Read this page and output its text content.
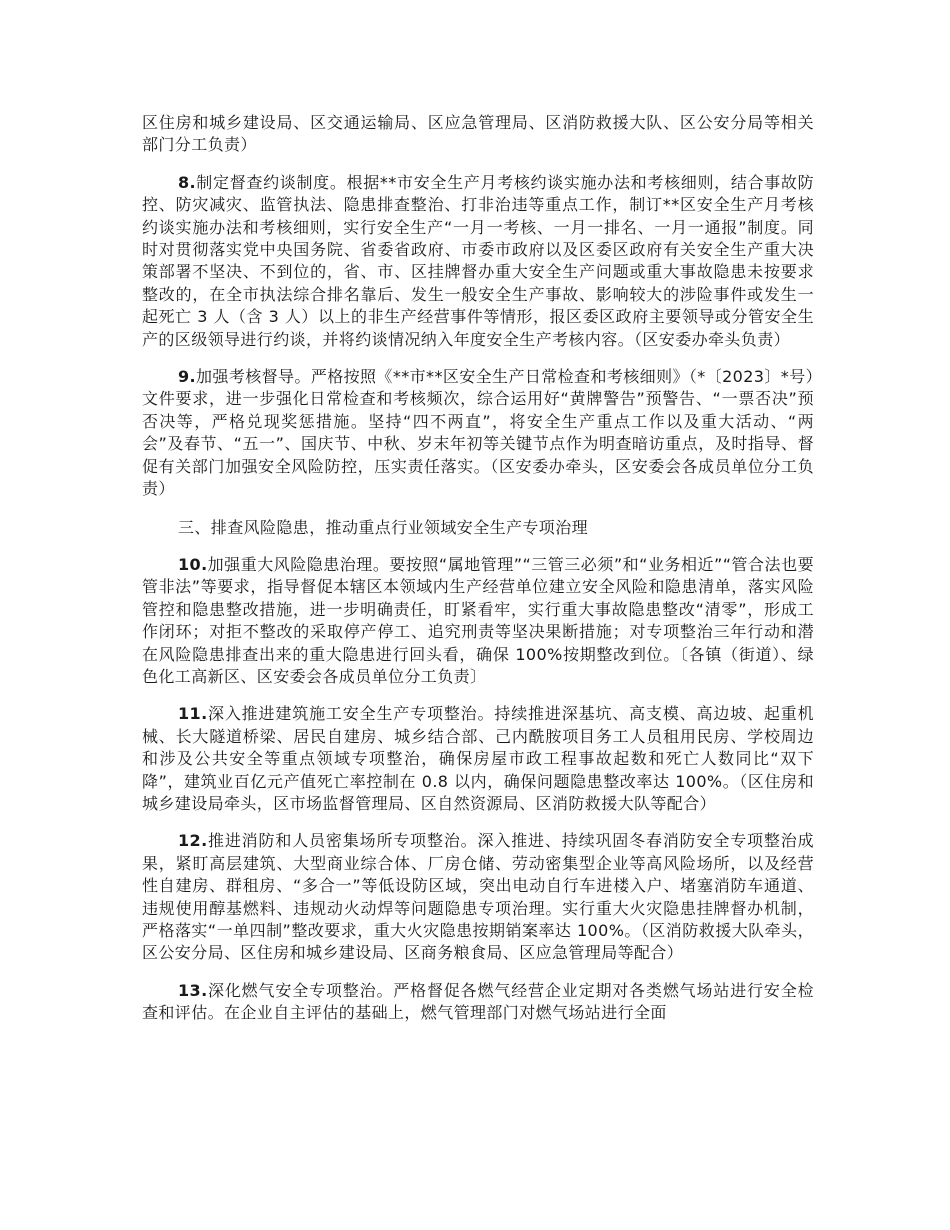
区住房和城乡建设局、区交通运输局、区应急管理局、区消防救援大队、区公安分局等相关部门分工负责）

8.制定督查约谈制度。根据**市安全生产月考核约谈实施办法和考核细则，结合事故防控、防灾减灾、监管执法、隐患排查整治、打非治违等重点工作，制订**区安全生产月考核约谈实施办法和考核细则，实行安全生产“一月一考核、一月一排名、一月一通报”制度。同时对贯彻落实党中央国务院、省委省政府、市委市政府以及区委区政府有关安全生产重大决策部署不坚决、不到位的，省、市、区挂牌督办重大安全生产问题或重大事故隐患未按要求整改的，在全市执法综合排名靠后、发生一般安全生产事故、影响较大的涉险事件或发生一起死亡 3 人（含 3 人）以上的非生产经营事件等情形，报区委区政府主要领导或分管安全生产的区级领导进行约谈，并将约谈情况纳入年度安全生产考核内容。（区安委办牵头负责）

9.加强考核督导。严格按照《**市**区安全生产日常检查和考核细则》（*〔2023〕*号）文件要求，进一步强化日常检查和考核频次，综合运用好“黄牌警告”预警告、“一票否决”预否决等，严格兑现奖惩措施。坚持“四不两直”，将安全生产重点工作以及重大活动、“两会”及春节、“五一”、国庆节、中秋、岁末年初等关键节点作为明查暗访重点，及时指导、督促有关部门加强安全风险防控，压实责任落实。（区安委办牵头，区安委会各成员单位分工负责）

三、排查风险隐患，推动重点行业领域安全生产专项治理

10.加强重大风险隐患治理。要按照“属地管理”“三管三必须”和“业务相近”“管合法也要管非法”等要求，指导督促本辖区本领域内生产经营单位建立安全风险和隐患清单，落实风险管控和隐患整改措施，进一步明确责任，盯紧看牢，实行重大事故隐患整改“清零”，形成工作闭环；对拒不整改的采取停产停工、追究刑责等坚决果断措施；对专项整治三年行动和潜在风险隐患排查出来的重大隐患进行回头看，确保 100%按期整改到位。〔各镇（街道）、绿色化工高新区、区安委会各成员单位分工负责〕

11.深入推进建筑施工安全生产专项整治。持续推进深基坑、高支模、高边坡、起重机械、长大隧道桥梁、居民自建房、城乡结合部、己内酰胺项目务工人员租用民房、学校周边和涉及公共安全等重点领域专项整治，确保房屋市政工程事故起数和死亡人数同比“双下降”，建筑业百亿元产值死亡率控制在 0.8 以内，确保问题隐患整改率达 100%。（区住房和城乡建设局牵头，区市场监督管理局、区自然资源局、区消防救援大队等配合）

12.推进消防和人员密集场所专项整治。深入推进、持续巩固冬春消防安全专项整治成果，紧盯高层建筑、大型商业综合体、厂房仓储、劳动密集型企业等高风险场所，以及经营性自建房、群租房、“多合一”等低设防区域，突出电动自行车进楼入户、堵塞消防车通道、违规使用醇基燃料、违规动火动焊等问题隐患专项治理。实行重大火灾隐患挂牌督办机制，严格落实“一单四制”整改要求，重大火灾隐患按期销案率达 100%。（区消防救援大队牵头，区公安分局、区住房和城乡建设局、区商务粮食局、区应急管理局等配合）

13.深化燃气安全专项整治。严格督促各燃气经营企业定期对各类燃气场站进行安全检查和评估。在企业自主评估的基础上，燃气管理部门对燃气场站进行全面
